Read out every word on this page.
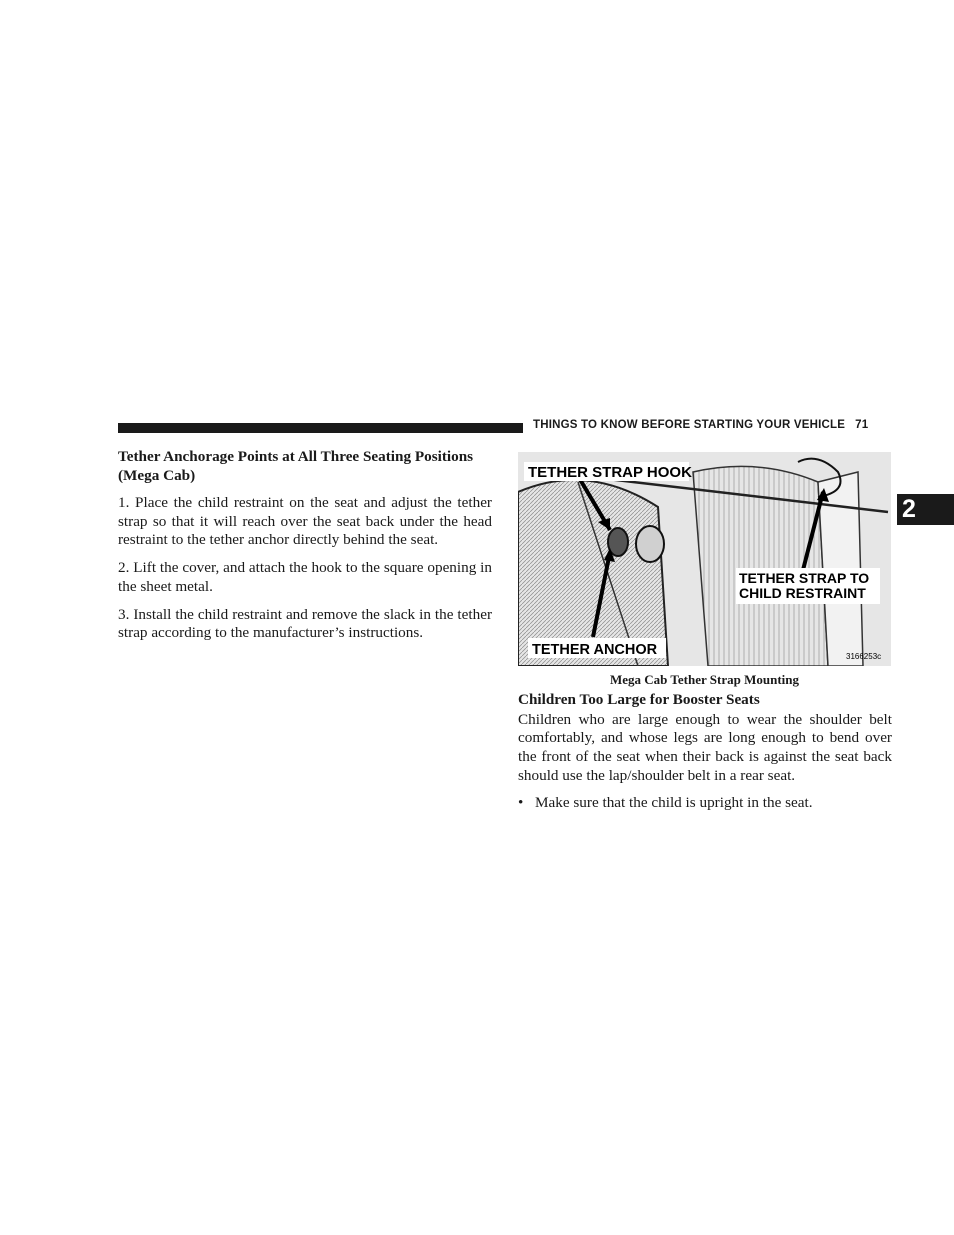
THINGS TO KNOW BEFORE STARTING YOUR VEHICLE 71
2
Tether Anchorage Points at All Three Seating Positions (Mega Cab)

1. Place the child restraint on the seat and adjust the tether strap so that it will reach over the seat back under the head restraint to the tether anchor directly behind the seat.

2. Lift the cover, and attach the hook to the square opening in the sheet metal.

3. Install the child restraint and remove the slack in the tether strap according to the manufacturer’s instructions.

TETHER STRAP HOOK
TETHER STRAP TO
CHILD RESTRAINT
TETHER ANCHOR	3166253c
Mega Cab Tether Strap Mounting
Children Too Large for Booster Seats

Children who are large enough to wear the shoulder belt comfortably, and whose legs are long enough to bend over the front of the seat when their back is against the seat back should use the lap/shoulder belt in a rear seat.

• Make sure that the child is upright in the seat.
